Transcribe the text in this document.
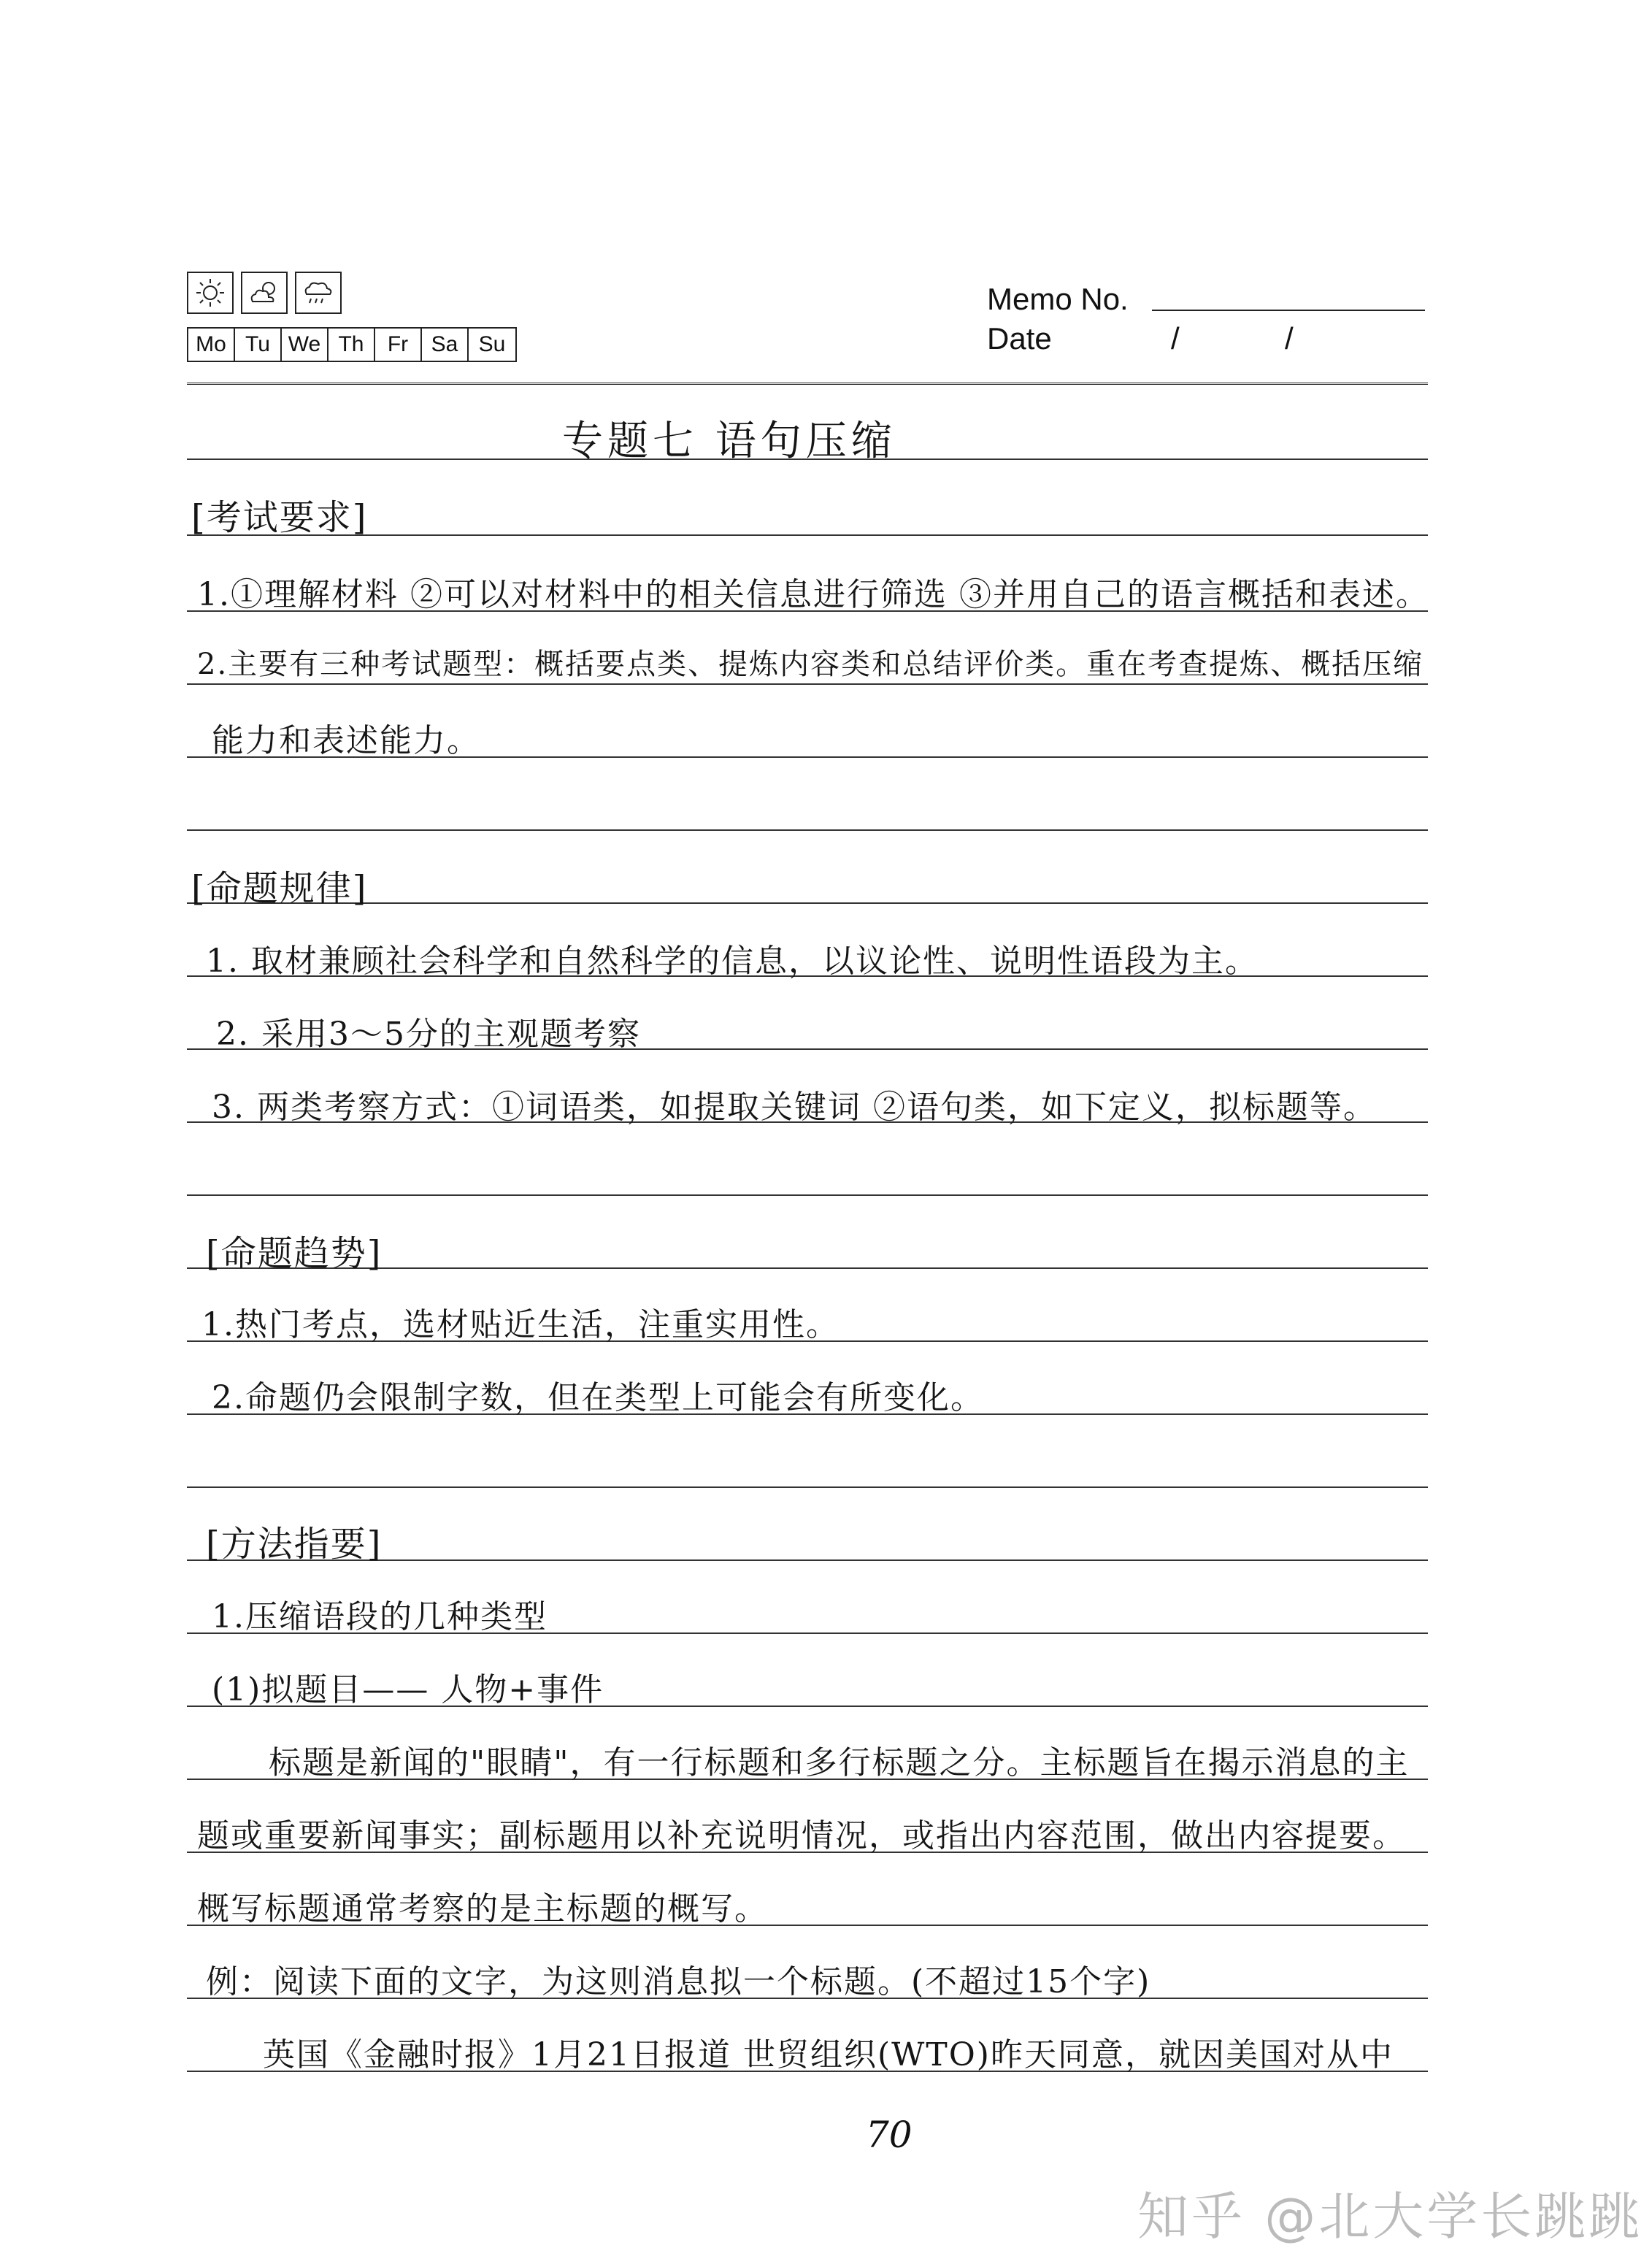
Mo Tu We Th	Fr	Sa Su
Memo No.
Date	/	/
专题七 语句压缩
[考试要求]
1.①理解材料 ②可以对材料中的相关信息进行筛选 ③并用自己的语言概括和表述。
2.主要有三种考试题型：概括要点类、提炼内容类和总结评价类。重在考查提炼、概括压缩
能力和表述能力。
[命题规律]
1. 取材兼顾社会科学和自然科学的信息，以议论性、说明性语段为主。
2. 采用3～5分的主观题考察
3. 两类考察方式：①词语类，如提取关键词 ②语句类，如下定义，拟标题等。
[命题趋势]
1.热门考点，选材贴近生活，注重实用性。
2.命题仍会限制字数，但在类型上可能会有所变化。
[方法指要]
1.压缩语段的几种类型
(1)拟题目—— 人物+事件
标题是新闻的"眼睛"，有一行标题和多行标题之分。主标题旨在揭示消息的主
题或重要新闻事实；副标题用以补充说明情况，或指出内容范围，做出内容提要。
概写标题通常考察的是主标题的概写。
例：阅读下面的文字，为这则消息拟一个标题。(不超过15个字)
英国《金融时报》1月21日报道 世贸组织(WTO)昨天同意，就因美国对从中
70
知乎 @北大学长跳跳
